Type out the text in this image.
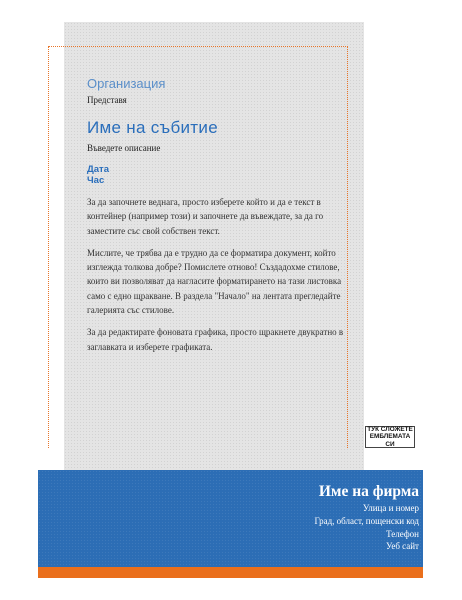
Организация
Представя
Име на събитие
Въведете описание
Дата
Час
За да започнете веднага, просто изберете който и да е текст в контейнер (например този) и започнете да въвеждате, за да го заместите със свой собствен текст.
Мислите, че трябва да е трудно да се форматира документ, който изглежда толкова добре? Помислете отново! Създадохме стилове, които ви позволяват да нагласите форматирането на тази листовка само с едно щракване. В раздела "Начало" на лентата прегледайте галерията със стилове.
За да редактирате фоновата графика, просто щракнете двукратно в заглавката и изберете графиката.
ТУК СЛОЖЕТЕ
ЕМБЛЕМАТА СИ
Име на фирма
Улица и номер
Град, област, пощенски код
Телефон
Уеб сайт
